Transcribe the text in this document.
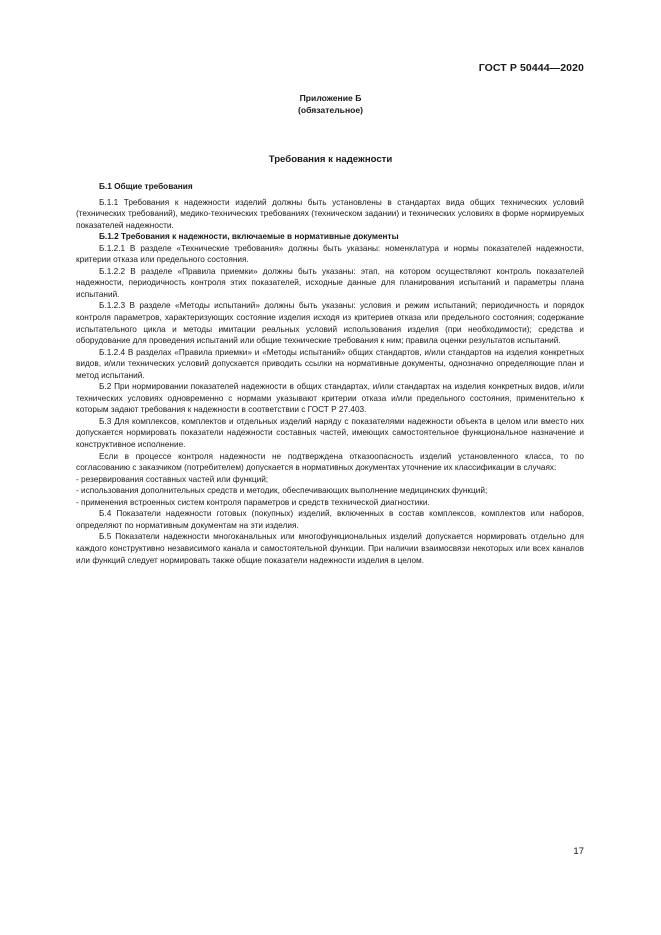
ГОСТ Р 50444—2020
Приложение Б
(обязательное)
Требования к надежности

Б.1 Общие требования

Б.1.1 Требования к надежности изделий должны быть установлены в стандартах вида общих технических условий (технических требований), медико-технических требованиях (техническом задании) и технических условиях в форме нормируемых показателей надежности.

Б.1.2 Требования к надежности, включаемые в нормативные документы

Б.1.2.1 В разделе «Технические требования» должны быть указаны: номенклатура и нормы показателей надежности, критерии отказа или предельного состояния.

Б.1.2.2 В разделе «Правила приемки» должны быть указаны: этап, на котором осуществляют контроль показателей надежности, периодичность контроля этих показателей, исходные данные для планирования испытаний и параметры плана испытаний.

Б.1.2.3 В разделе «Методы испытаний» должны быть указаны: условия и режим испытаний; периодичность и порядок контроля параметров, характеризующих состояние изделия исходя из критериев отказа или предельного состояния; содержание испытательного цикла и методы имитации реальных условий использования изделия (при необходимости); средства и оборудование для проведения испытаний или общие технические требования к ним; правила оценки результатов испытаний.

Б.1.2.4 В разделах «Правила приемки» и «Методы испытаний» общих стандартов, и/или стандартов на изделия конкретных видов, и/или технических условий допускается приводить ссылки на нормативные документы, однозначно определяющие план и метод испытаний.

Б.2 При нормировании показателей надежности в общих стандартах, и/или стандартах на изделия конкретных видов, и/или технических условиях одновременно с нормами указывают критерии отказа и/или предельного состояния, применительно к которым задают требования к надежности в соответствии с ГОСТ Р 27.403.

Б.3 Для комплексов, комплектов и отдельных изделий наряду с показателями надежности объекта в целом или вместо них допускается нормировать показатели надежности составных частей, имеющих самостоятельное функциональное назначение и конструктивное исполнение.

Если в процессе контроля надежности не подтверждена отказоопасность изделий установленного класса, то по согласованию с заказчиком (потребителем) допускается в нормативных документах уточнение их классификации в случаях:

- резервирования составных частей или функций;

- использования дополнительных средств и методик, обеспечивающих выполнение медицинских функций;

- применения встроенных систем контроля параметров и средств технической диагностики.

Б.4 Показатели надежности готовых (покупных) изделий, включенных в состав комплексов, комплектов или наборов, определяют по нормативным документам на эти изделия.

Б.5 Показатели надежности многоканальных или многофункциональных изделий допускается нормировать отдельно для каждого конструктивно независимого канала и самостоятельной функции. При наличии взаимосвязи некоторых или всех каналов или функций следует нормировать также общие показатели надежности изделия в целом.

17
